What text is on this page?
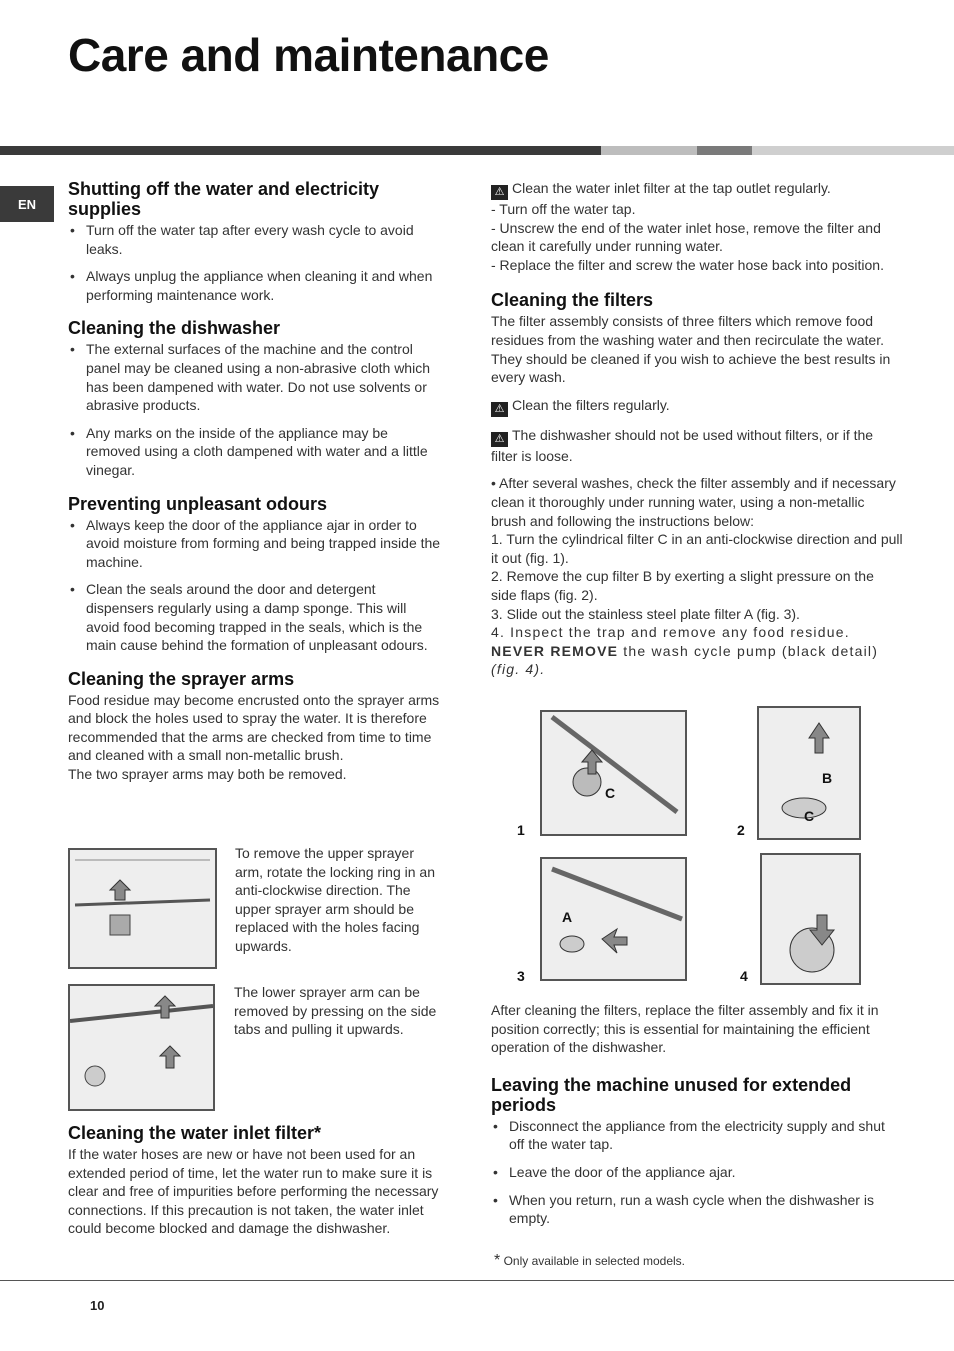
Care and maintenance
EN
Shutting off the water and electricity supplies
• Turn off the water tap after every wash cycle to avoid leaks.
• Always unplug the appliance when cleaning it and when performing maintenance work.
Cleaning the dishwasher
• The external surfaces of the machine and the control panel may be cleaned using a non-abrasive cloth which has been dampened with water. Do not use solvents or abrasive products.
• Any marks on the inside of the appliance may be removed using a cloth dampened with water and a little vinegar.
Preventing unpleasant odours
• Always keep the door of the appliance ajar in order to avoid moisture from forming and being trapped inside the machine.
• Clean the seals around the door and detergent dispensers regularly using a damp sponge. This will avoid food becoming trapped in the seals, which is the main cause behind the formation of unpleasant odours.
Cleaning the sprayer arms

Food residue may become encrusted onto the sprayer arms and block the holes used to spray the water. It is therefore recommended that the arms are checked from time to time and cleaned with a small non-metallic brush.

The two sprayer arms may both be removed.

To remove the upper sprayer arm, rotate the locking ring in an anti-clockwise direction. The upper sprayer arm should be replaced with the holes facing upwards.
The lower sprayer arm can be removed by pressing on the side tabs and pulling it upwards.
Cleaning the water inlet filter*

If the water hoses are new or have not been used for an extended period of time, let the water run to make sure it is clear and free of impurities before performing the necessary connections. If this precaution is not taken, the water inlet could become blocked and damage the dishwasher.

⚠ Clean the water inlet filter at the tap outlet regularly.

- Turn off the water tap.

- Unscrew the end of the water inlet hose, remove the filter and clean it carefully under running water.

- Replace the filter and screw the water hose back into position.

Cleaning the filters

The filter assembly consists of three filters which remove food residues from the washing water and then recirculate the water. They should be cleaned if you wish to achieve the best results in every wash.

⚠ Clean the filters regularly.

⚠ The dishwasher should not be used without filters, or if the filter is loose.

• After several washes, check the filter assembly and if necessary clean it thoroughly under running water, using a non-metallic brush and following the instructions below:

1. Turn the cylindrical filter C in an anti-clockwise direction and pull it out (fig. 1).

2. Remove the cup filter B by exerting a slight pressure on the side flaps (fig. 2).

3. Slide out the stainless steel plate filter A (fig. 3).

4. Inspect the trap and remove any food residue.

NEVER REMOVE the wash cycle pump (black detail) (fig. 4).

C
B
C
A
1	2
3	4

After cleaning the filters, replace the filter assembly and fix it in position correctly; this is essential for maintaining the efficient operation of the dishwasher.

Leaving the machine unused for extended periods
• Disconnect the appliance from the electricity supply and shut off the water tap.
• Leave the door of the appliance ajar.
• When you return, run a wash cycle when the dishwasher is empty.
* Only available in selected models.
10
